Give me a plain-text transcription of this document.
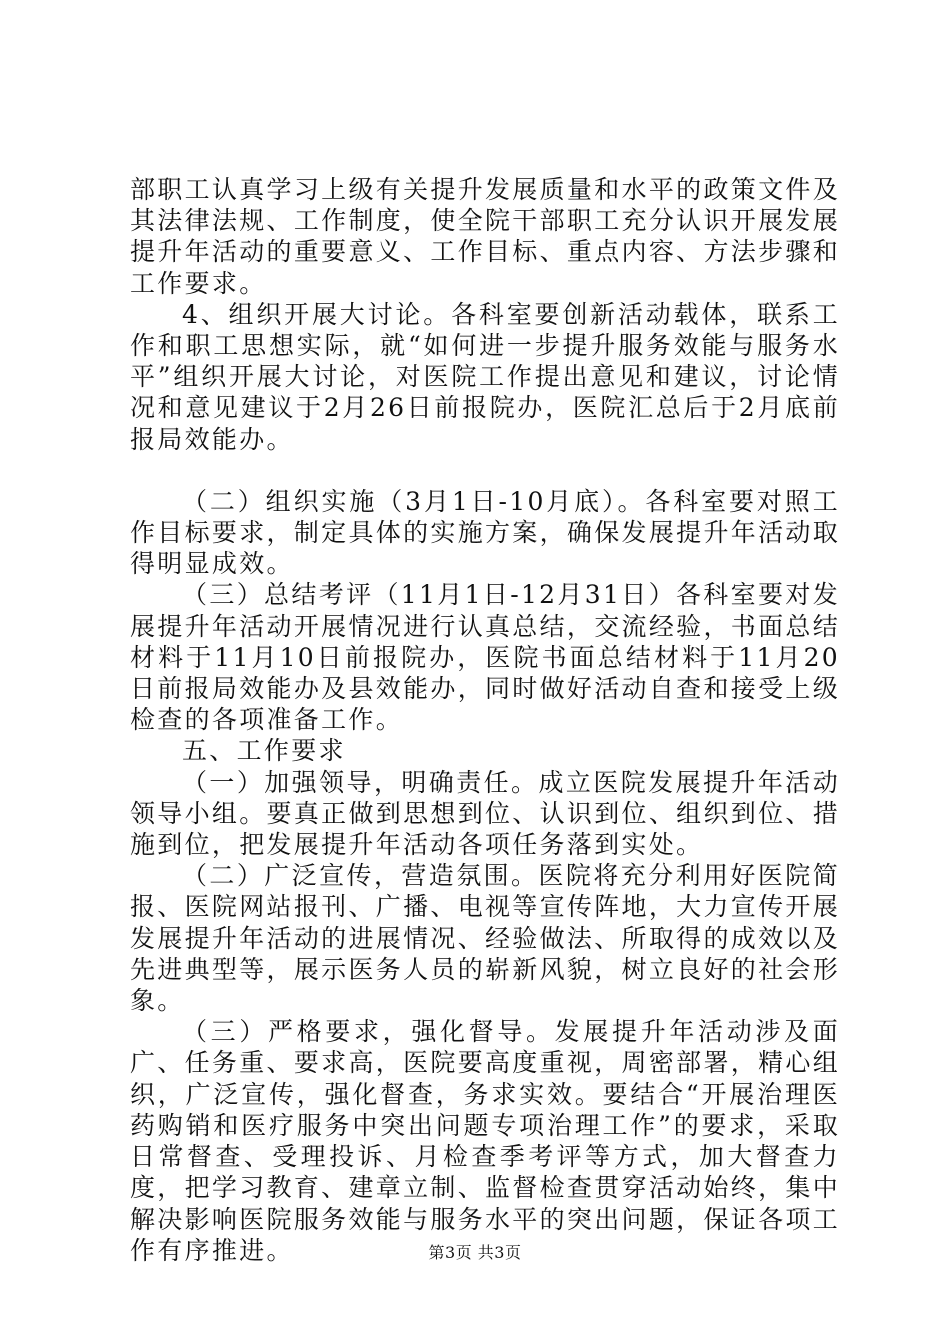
部职工认真学习上级有关提升发展质量和水平的政策文件及其法律法规、工作制度，使全院干部职工充分认识开展发展提升年活动的重要意义、工作目标、重点内容、方法步骤和工作要求。

4、组织开展大讨论。各科室要创新活动载体，联系工作和职工思想实际，就“如何进一步提升服务效能与服务水平”组织开展大讨论，对医院工作提出意见和建议，讨论情况和意见建议于2月26日前报院办，医院汇总后于2月底前报局效能办。

（二）组织实施（3月1日-10月底）。各科室要对照工作目标要求，制定具体的实施方案，确保发展提升年活动取得明显成效。

（三）总结考评（11月1日-12月31日）各科室要对发展提升年活动开展情况进行认真总结，交流经验，书面总结材料于11月10日前报院办，医院书面总结材料于11月20日前报局效能办及县效能办，同时做好活动自查和接受上级检查的各项准备工作。

五、工作要求

（一）加强领导，明确责任。成立医院发展提升年活动领导小组。要真正做到思想到位、认识到位、组织到位、措施到位，把发展提升年活动各项任务落到实处。

（二）广泛宣传，营造氛围。医院将充分利用好医院简报、医院网站报刊、广播、电视等宣传阵地，大力宣传开展发展提升年活动的进展情况、经验做法、所取得的成效以及先进典型等，展示医务人员的崭新风貌，树立良好的社会形象。

（三）严格要求，强化督导。发展提升年活动涉及面广、任务重、要求高，医院要高度重视，周密部署，精心组织，广泛宣传，强化督查，务求实效。要结合“开展治理医药购销和医疗服务中突出问题专项治理工作”的要求，采取日常督查、受理投诉、月检查季考评等方式，加大督查力度，把学习教育、建章立制、监督检查贯穿活动始终，集中解决影响医院服务效能与服务水平的突出问题，保证各项工作有序推进。	第3页 共3页
